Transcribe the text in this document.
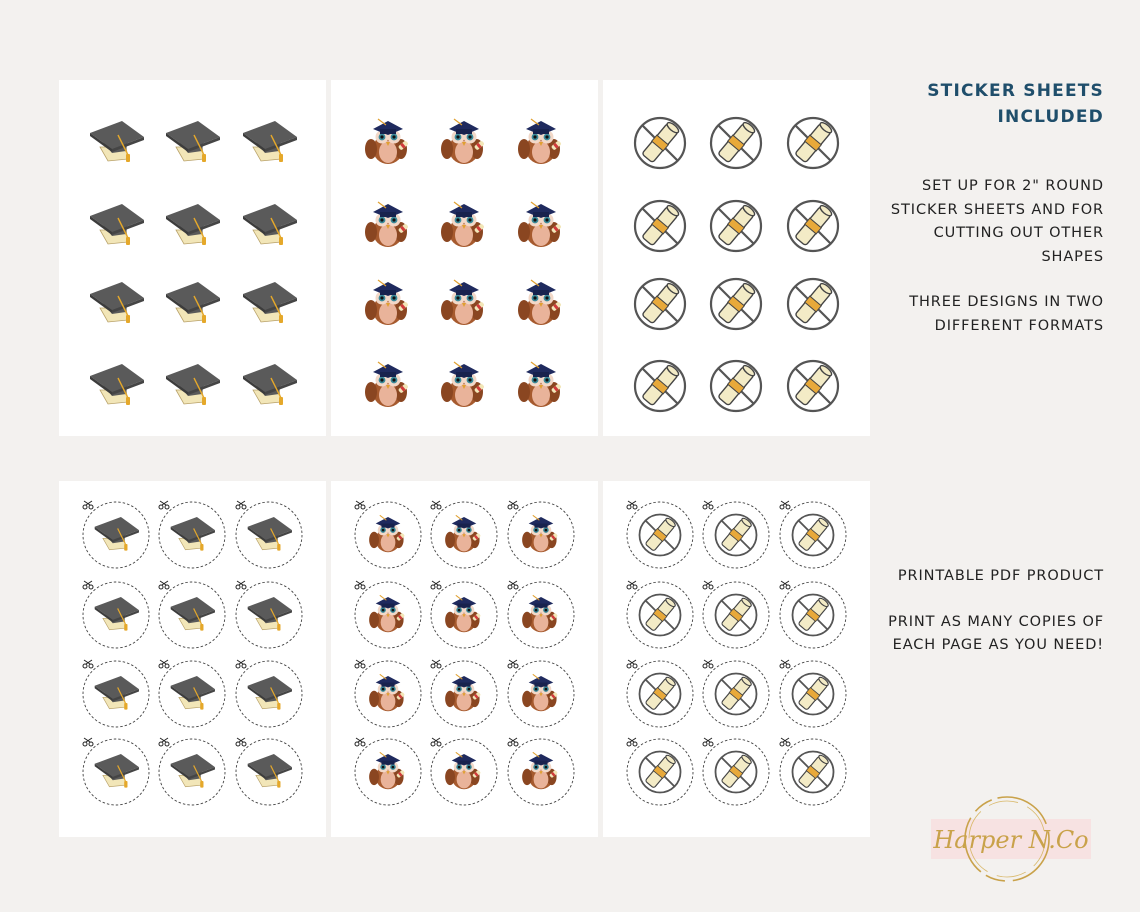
STICKER SHEETS INCLUDED

SET UP FOR 2" ROUND STICKER SHEETS AND FOR CUTTING OUT OTHER SHAPES

THREE DESIGNS IN TWO DIFFERENT FORMATS

PRINTABLE PDF PRODUCT

PRINT AS MANY COPIES OF EACH PAGE AS YOU NEED!

Harper N.Co
